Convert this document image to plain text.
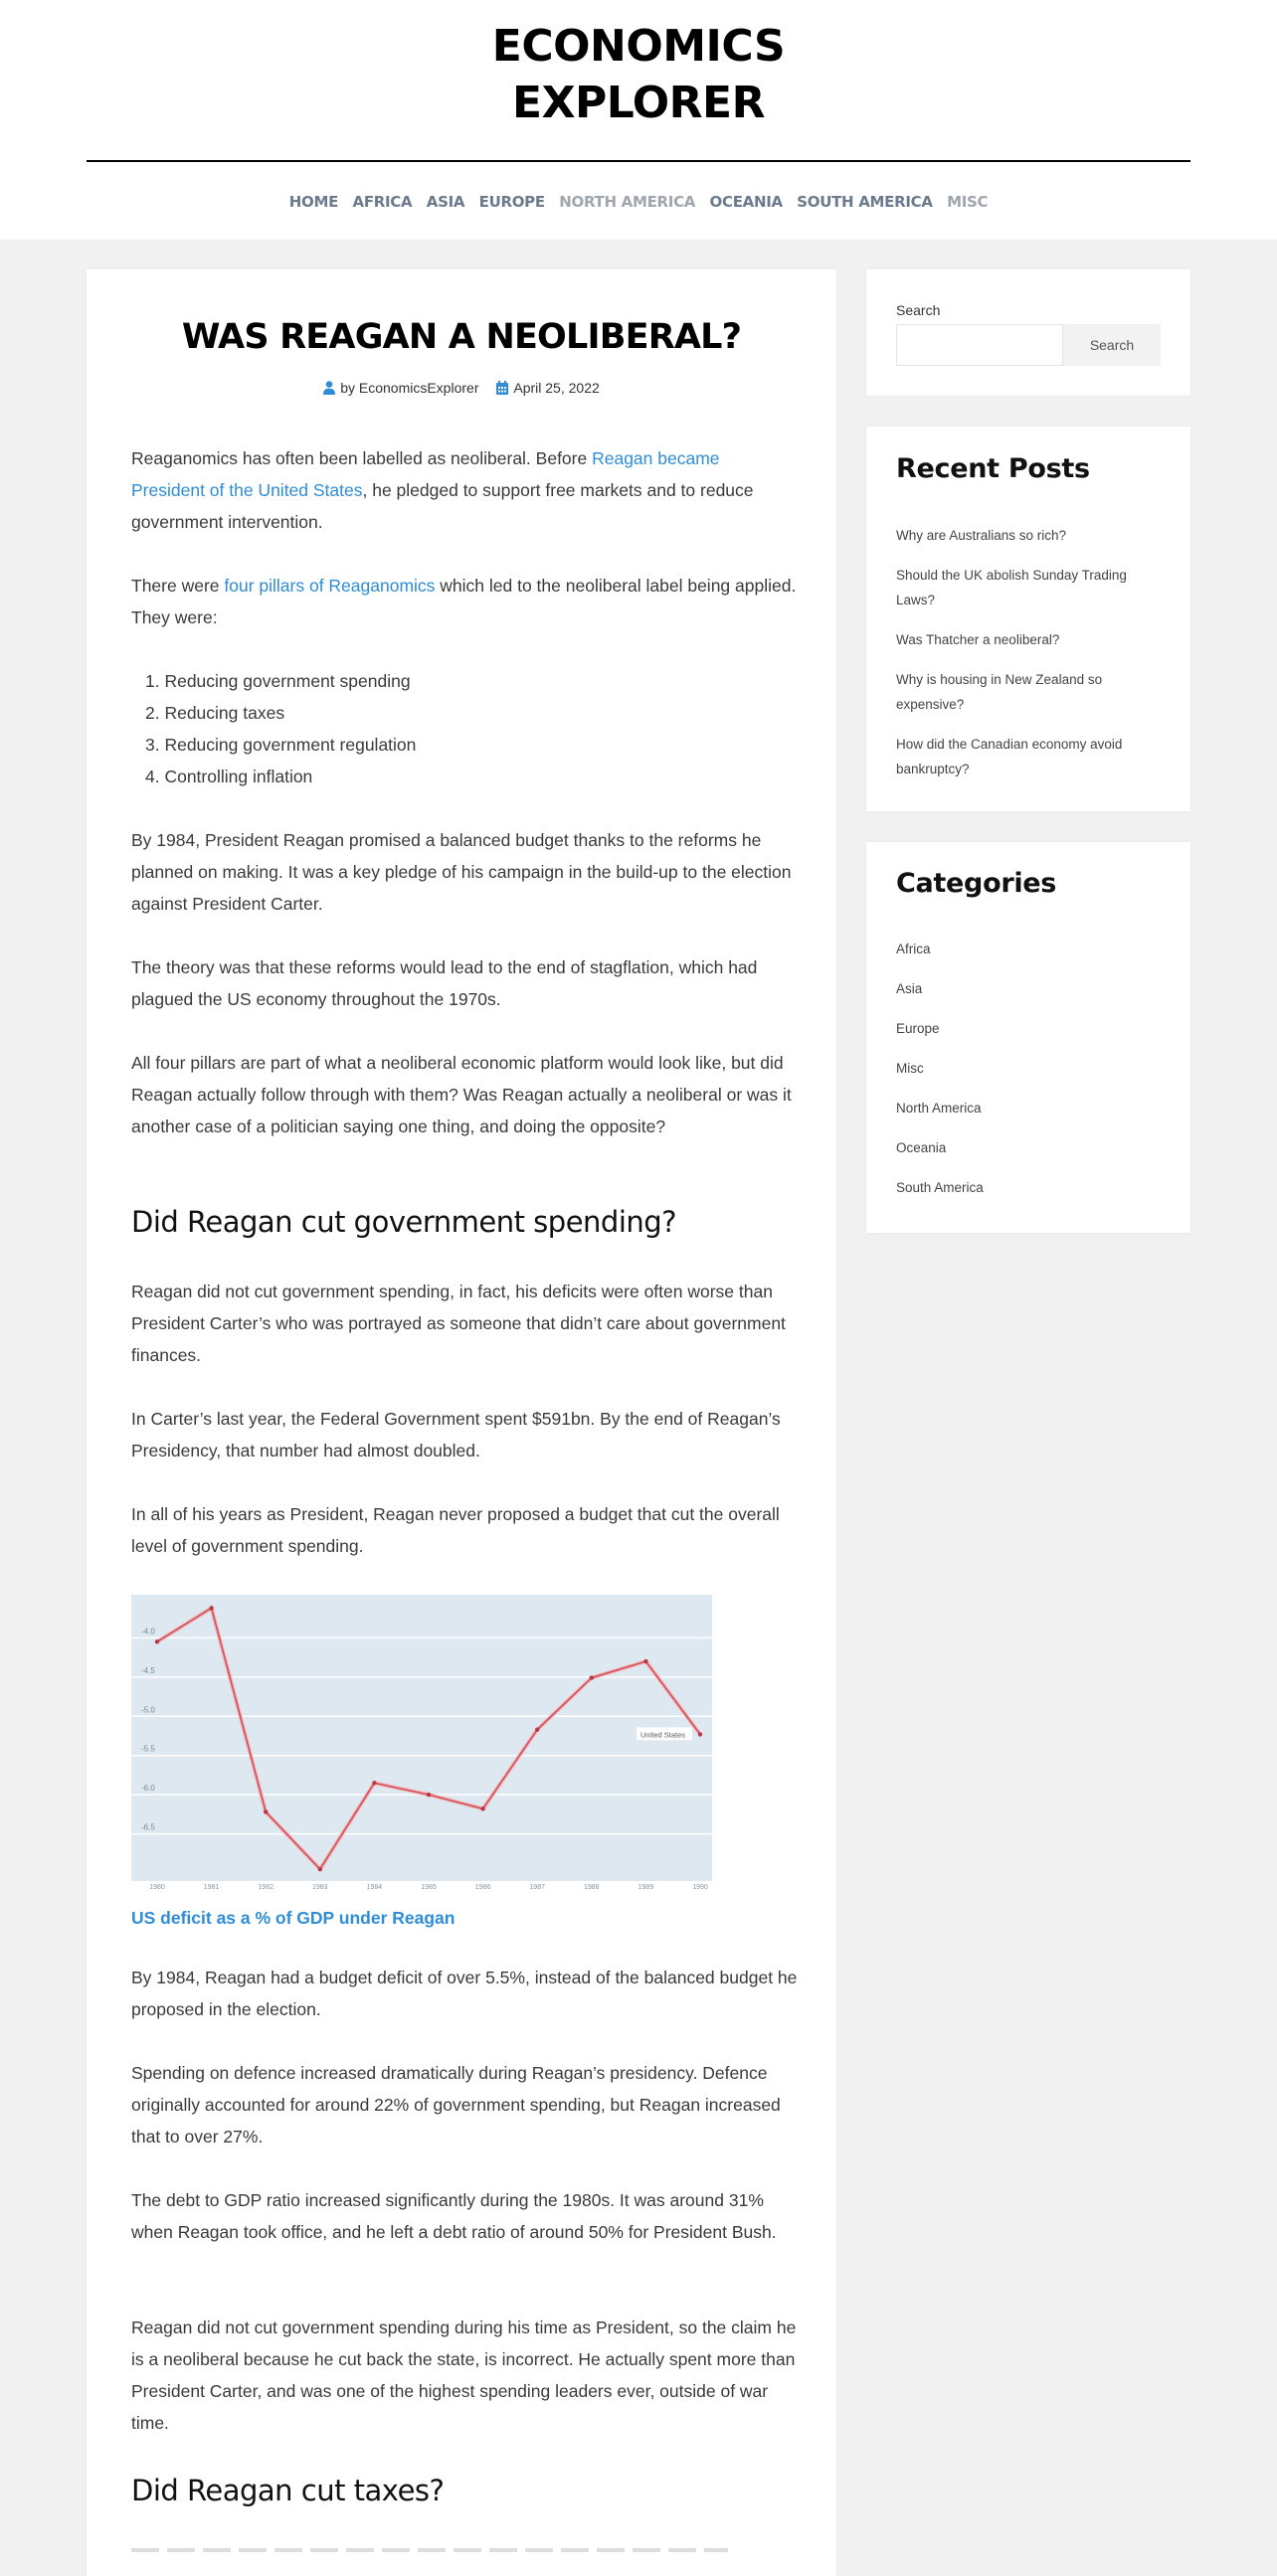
ECONOMICS
EXPLORER
HOME AFRICA ASIA EUROPE NORTH AMERICA OCEANIA SOUTH AMERICA MISC
WAS REAGAN A NEOLIBERAL?
by EconomicsExplorer
April 25, 2022

Reaganomics has often been labelled as neoliberal. Before Reagan became President of the United States, he pledged to support free markets and to reduce government intervention.

There were four pillars of Reaganomics which led to the neoliberal label being applied. They were:

1. Reducing government spending
2. Reducing taxes
3. Reducing government regulation
4. Controlling inflation

By 1984, President Reagan promised a balanced budget thanks to the reforms he planned on making. It was a key pledge of his campaign in the build-up to the election against President Carter.

The theory was that these reforms would lead to the end of stagflation, which had plagued the US economy throughout the 1970s.

All four pillars are part of what a neoliberal economic platform would look like, but did Reagan actually follow through with them? Was Reagan actually a neoliberal or was it another case of a politician saying one thing, and doing the opposite?

Did Reagan cut government spending?

Reagan did not cut government spending, in fact, his deficits were often worse than President Carter’s who was portrayed as someone that didn’t care about government finances.

In Carter’s last year, the Federal Government spent $591bn. By the end of Reagan’s Presidency, that number had almost doubled.

In all of his years as President, Reagan never proposed a budget that cut the overall level of government spending.

-4.0
-4.5
-5.0
-5.5
-6.0
-6.5
1980	1981	1982	1983	1984	1985	1986	1987	1988	1989	1990
United States
US deficit as a % of GDP under Reagan

By 1984, Reagan had a budget deficit of over 5.5%, instead of the balanced budget he proposed in the election.

Spending on defence increased dramatically during Reagan’s presidency. Defence originally accounted for around 22% of government spending, but Reagan increased that to over 27%.

The debt to GDP ratio increased significantly during the 1980s. It was around 31% when Reagan took office, and he left a debt ratio of around 50% for President Bush.

Reagan did not cut government spending during his time as President, so the claim he is a neoliberal because he cut back the state, is incorrect. He actually spent more than President Carter, and was one of the highest spending leaders ever, outside of war time.

Did Reagan cut taxes?
Search
Search
Recent Posts
Why are Australians so rich?
Should the UK abolish Sunday Trading Laws?
Was Thatcher a neoliberal?
Why is housing in New Zealand so expensive?
How did the Canadian economy avoid bankruptcy?
Categories
Africa
Asia
Europe
Misc
North America
Oceania
South America
